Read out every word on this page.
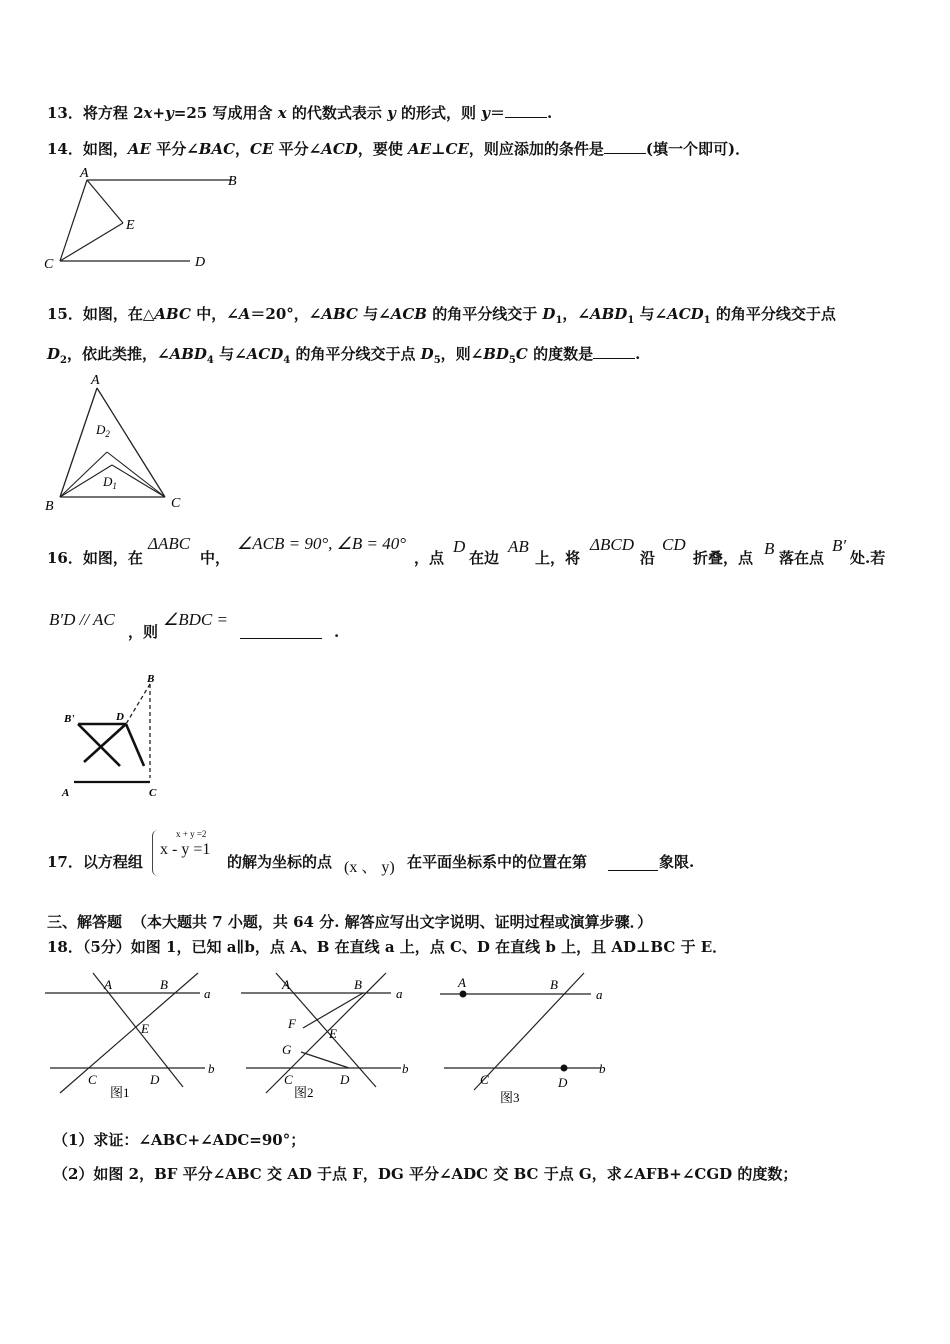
13．将方程 2x+y=25 写成用含 x 的代数式表示 y 的形式，则 y＝	.
14．如图，AE 平分∠BAC，CE 平分∠ACD，要使 AE⊥CE，则应添加的条件是	(填一个即可)．
A
B
C	D
E
15．如图，在△ABC 中，∠A＝20°，∠ABC 与∠ACB 的角平分线交于 $D_1$，$\angle ABD_1$ 与$\angle ACD_1$ 的角平分线交于点
$D_2$，依此类推，$\angle ABD_4$ 与$\angle ACD_4$ 的角平分线交于点 $D_5$，则$\angle BD_5C$ 的度数是	.
A
B	C
$D_2$
$D_1$
16．如图，在
ΔABC
中，
∠ACB = 90°, ∠B = 40°
，点
D
在边
AB
上，将
ΔBCD
沿
CD
折叠，点 B 落在点
B′
处.若
B′D // AC
，则
∠BDC =
.
B
B'	D
A	C
17．以方程组
x + y =2
x - y =1
的解为坐标的点 (x 、 y) 在平面坐标系中的位置在第	象限.
三、解答题 （本大题共 7 小题，共 64 分. 解答应写出文字说明、证明过程或演算步骤．）
18．（5分）如图 1，已知 a∥b，点 A、B 在直线 a 上，点 C、D 在直线 b 上，且 AD⊥BC 于 E．
A	B
a
E
C	D
b
图1
A	B
a
F
E
G
C	D
b
图2
A	B
a
C	D
b
图3
（1）求证：∠ABC+∠ADC=90°；
（2）如图 2，BF 平分∠ABC 交 AD 于点 F，DG 平分∠ADC 交 BC 于点 G，求∠AFB+∠CGD 的度数；
